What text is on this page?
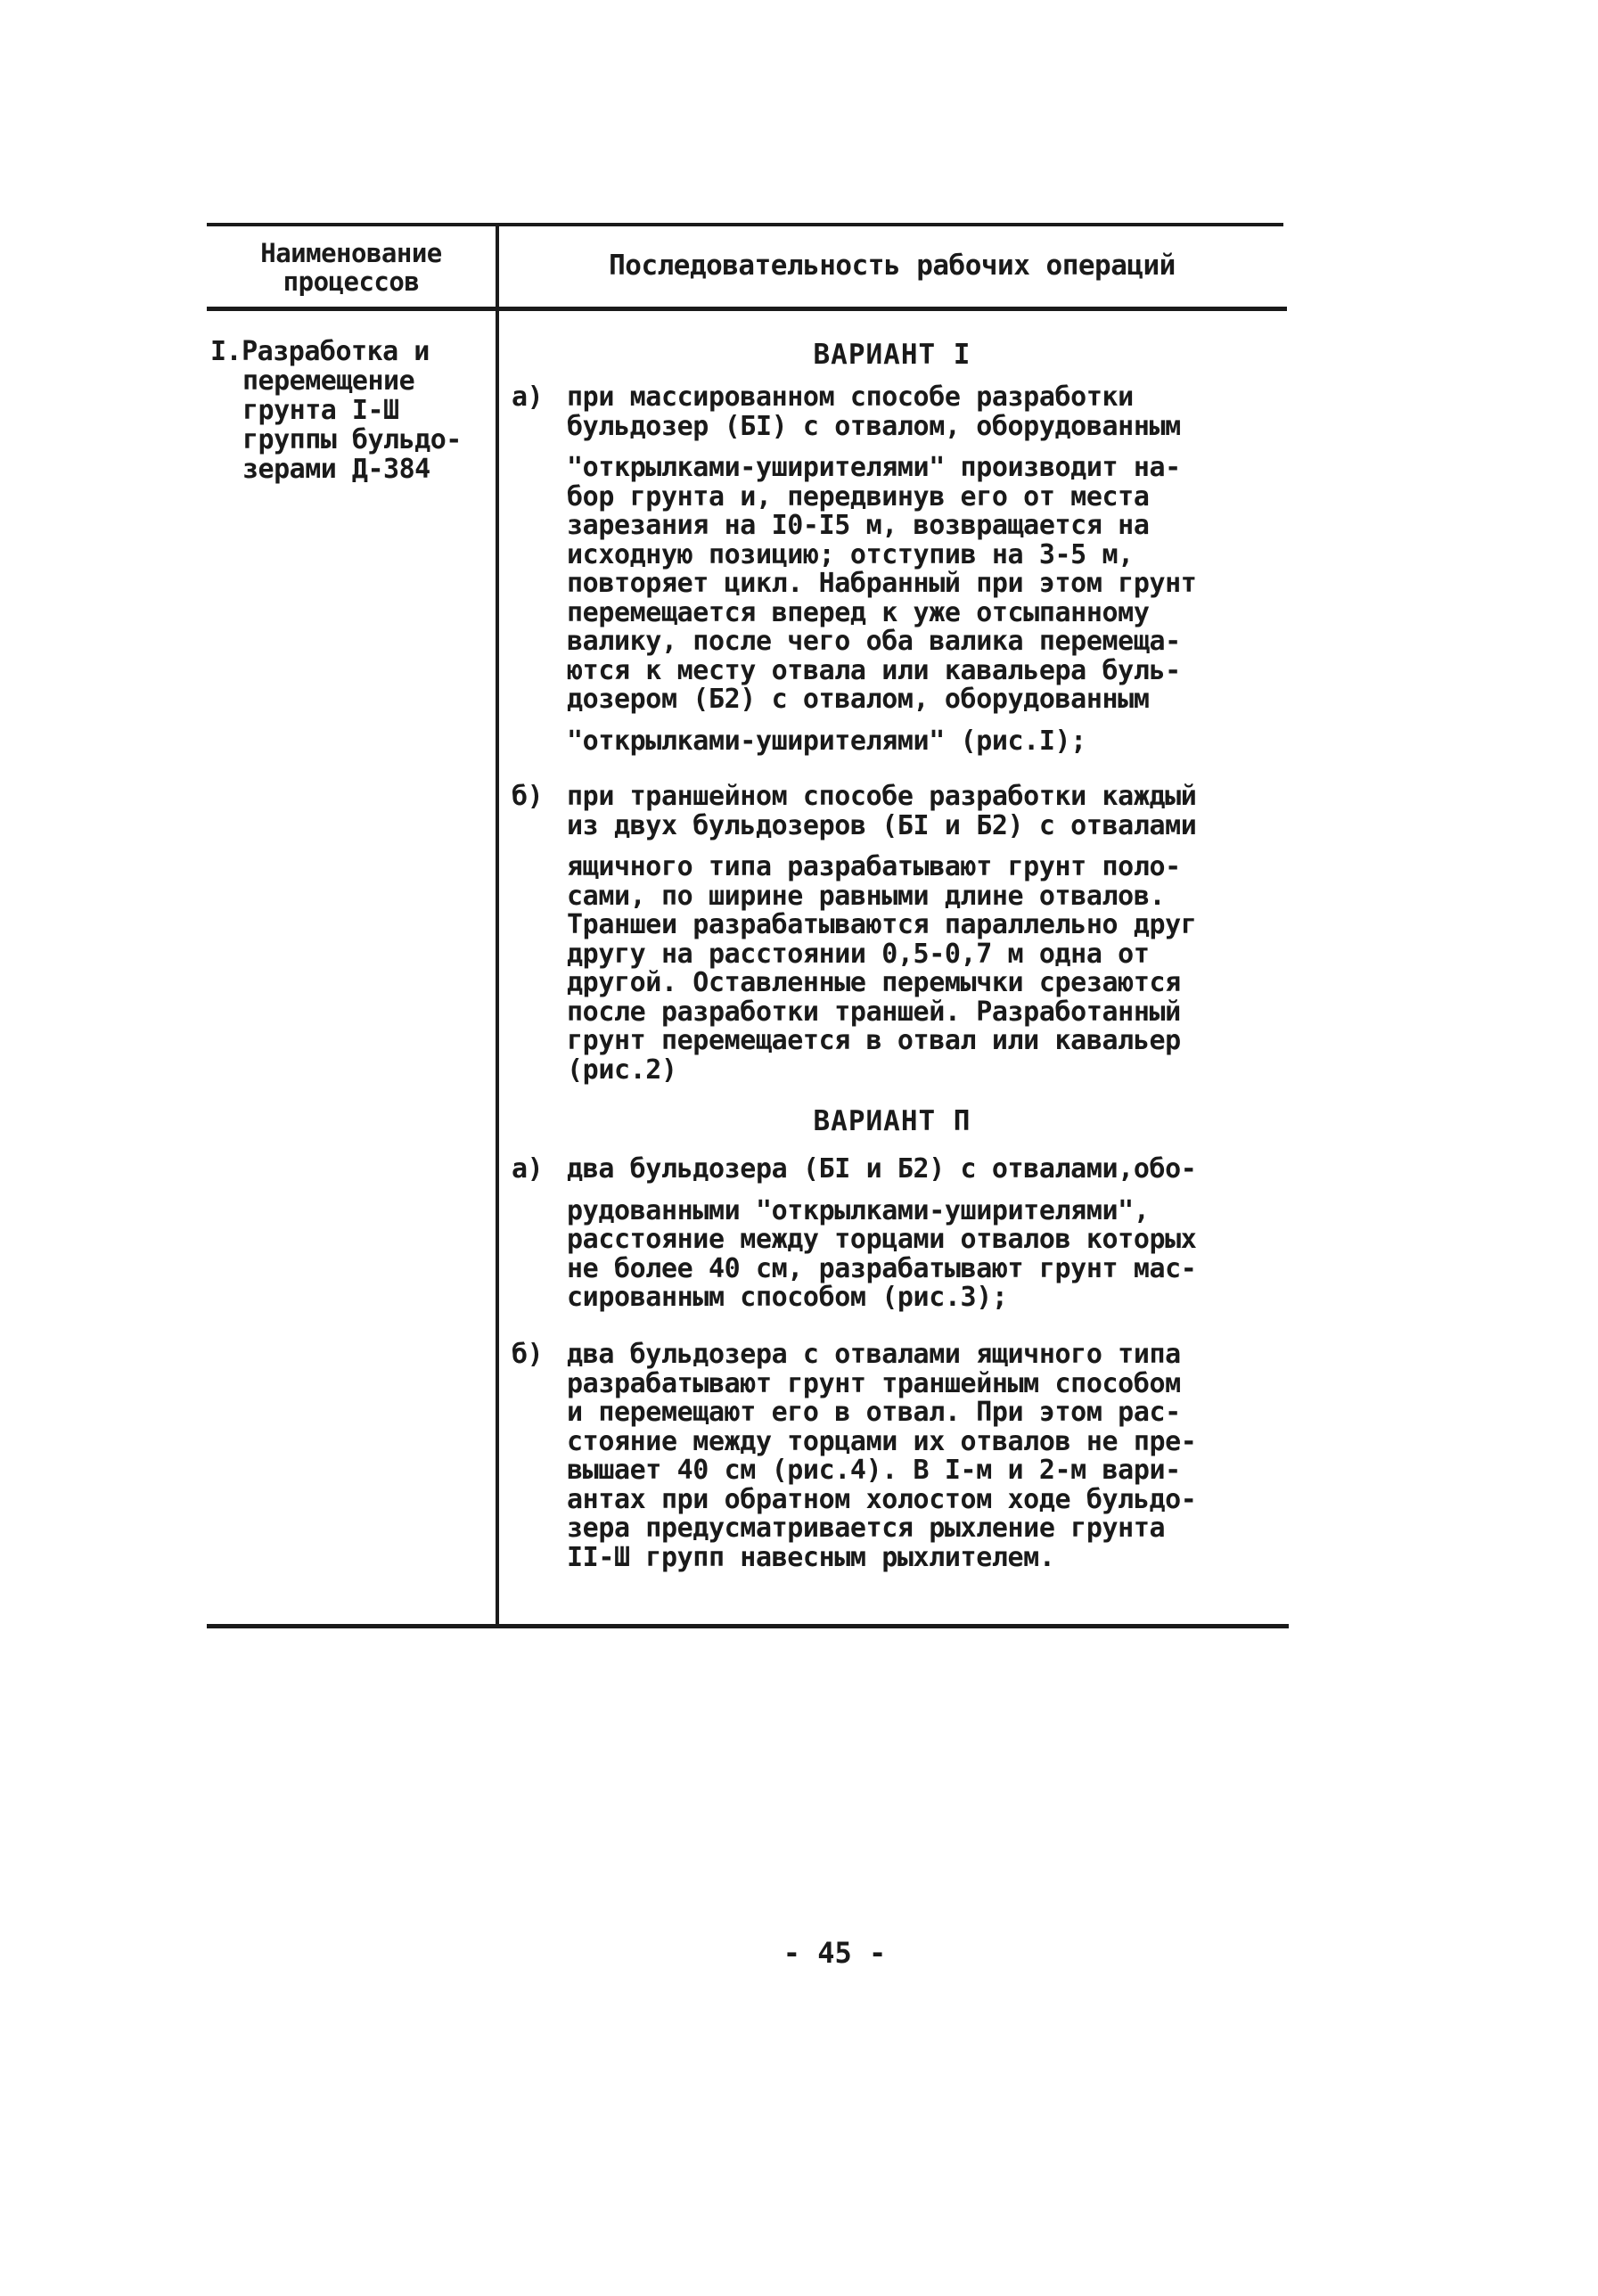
Наименование процессов	Последовательность рабочих операций
I.Разработка и
перемещение
грунта I-Ш
группы бульдо-
зерами Д-384
ВАРИАНТ I
а) при массированном способе разработки
бульдозер (БI) с отвалом, оборудованным
"открылками-уширителями" производит на-
бор грунта и, передвинув его от места
зарезания на I0-I5 м, возвращается на
исходную позицию; отступив на 3-5 м,
повторяет цикл. Набранный при этом грунт
перемещается вперед к уже отсыпанному
валику, после чего оба валика перемеща-
ются к месту отвала или кавальера буль-
дозером (Б2) с отвалом, оборудованным
"открылками-уширителями" (рис.I);
б) при траншейном способе разработки каждый
из двух бульдозеров (БI и Б2) с отвалами
ящичного типа разрабатывают грунт поло-
сами, по ширине равными длине отвалов.
Траншеи разрабатываются параллельно друг
другу на расстоянии 0,5-0,7 м одна от
другой. Оставленные перемычки срезаются
после разработки траншей. Разработанный
грунт перемещается в отвал или кавальер
(рис.2)
ВАРИАНТ П
а) два бульдозера (БI и Б2) с отвалами,обо-
рудованными "открылками-уширителями",
расстояние между торцами отвалов которых
не более 40 см, разрабатывают грунт мас-
сированным способом (рис.3);
б) два бульдозера с отвалами ящичного типа
разрабатывают грунт траншейным способом
и перемещают его в отвал. При этом рас-
стояние между торцами их отвалов не пре-
вышает 40 см (рис.4). В I-м и 2-м вари-
антах при обратном холостом ходе бульдо-
зера предусматривается рыхление грунта
II-Ш групп навесным рыхлителем.
- 45 -
